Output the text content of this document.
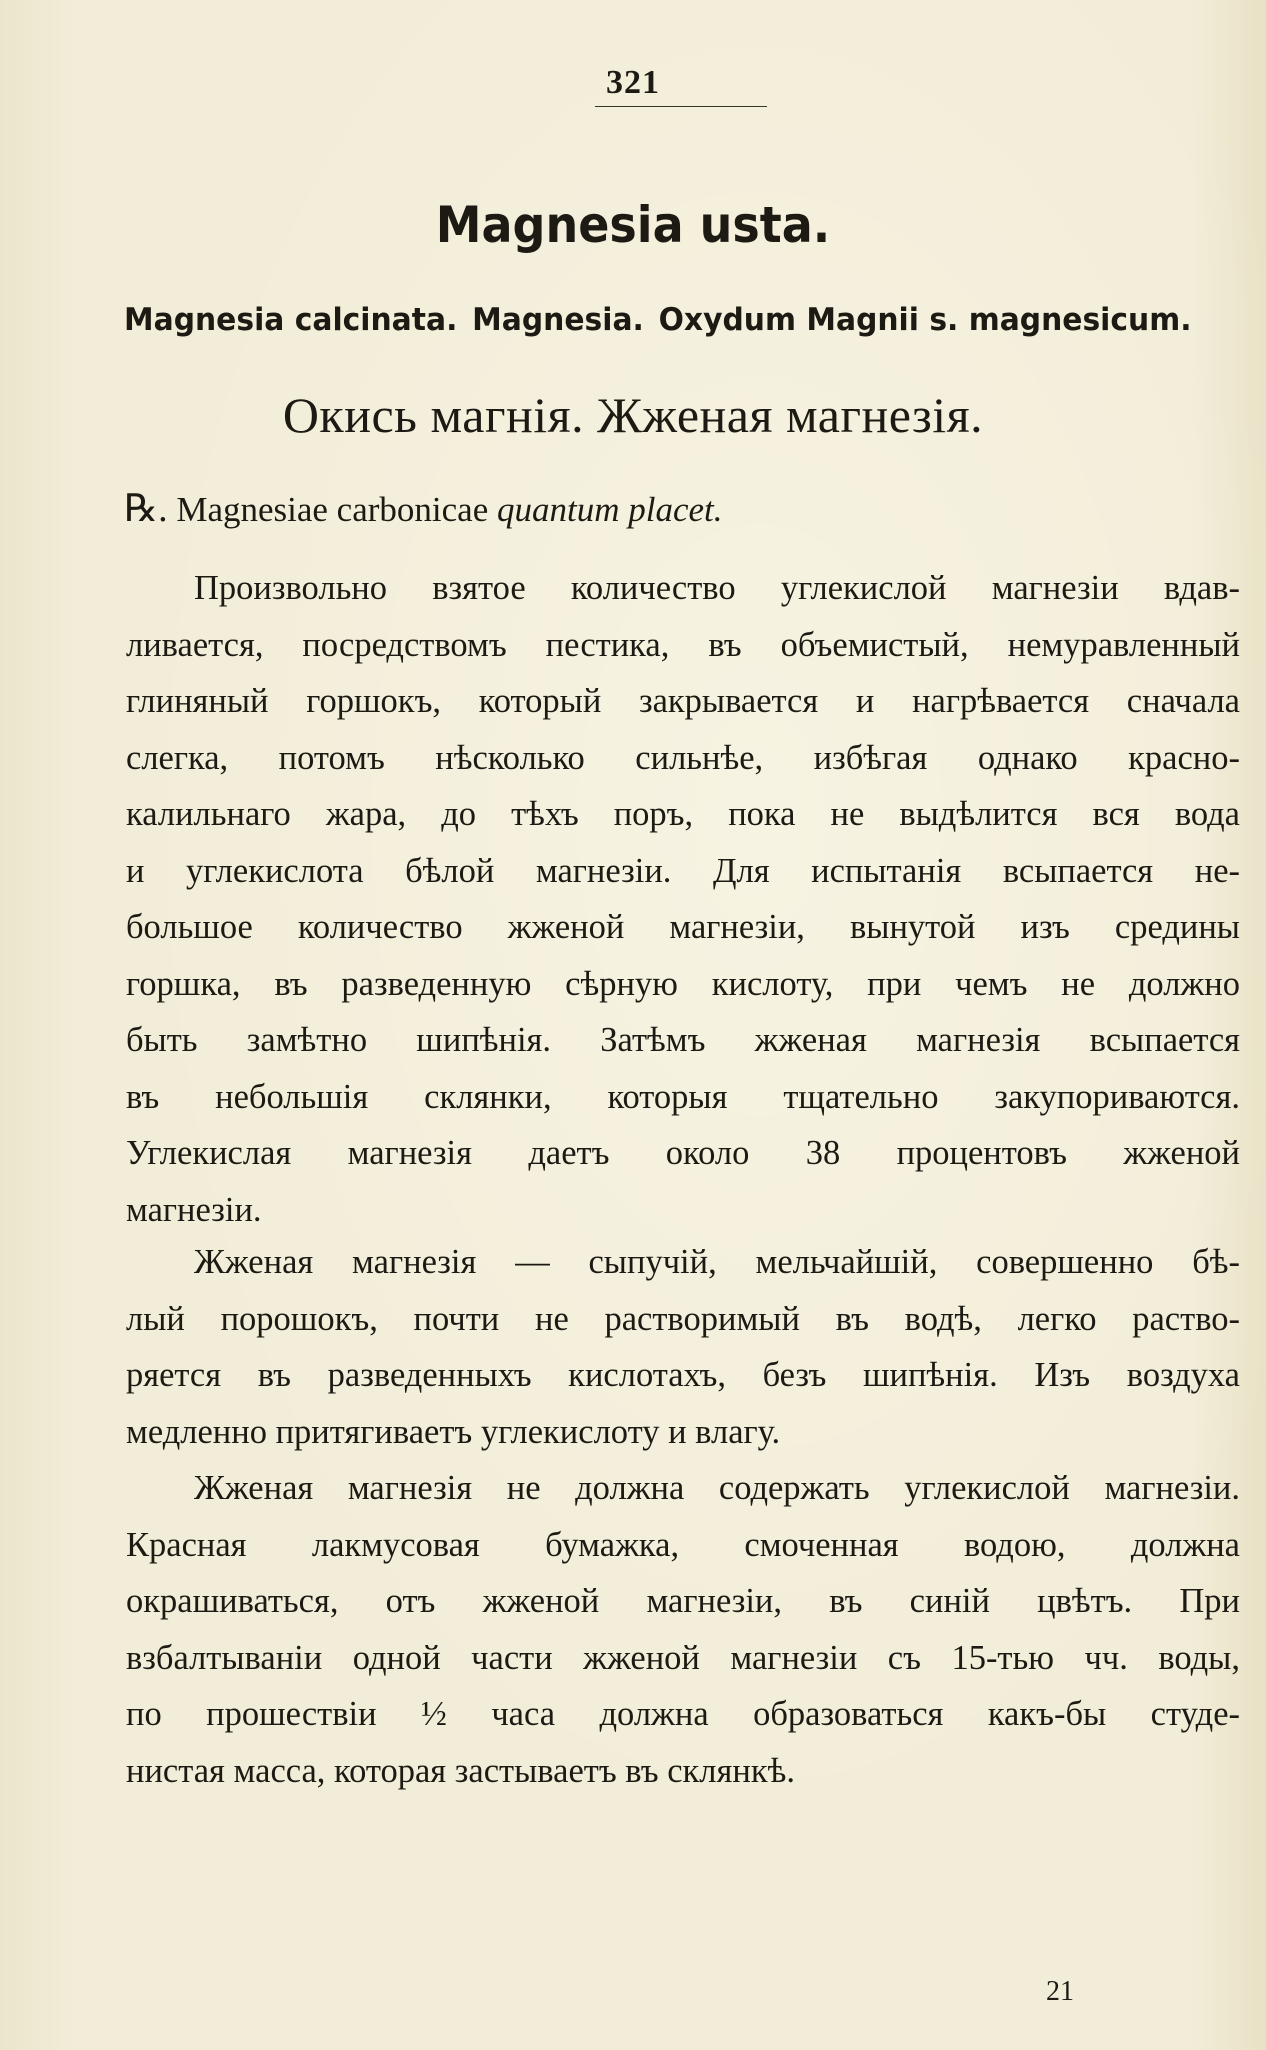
321
Magnesia usta.
Magnesia calcinata. Magnesia. Oxydum Magnii s. magnesicum.
Окись магнія. Жженая магнезія.
℞. Magnesiae carbonicae quantum placet.
Произвольно взятое количество углекислой магнезіи вдав-
ливается, посредствомъ пестика, въ объемистый, немуравленный
глиняный горшокъ, который закрывается и нагрѣвается сначала
слегка, потомъ нѣсколько сильнѣе, избѣгая однако красно-
калильнаго жара, до тѣхъ поръ, пока не выдѣлится вся вода
и углекислота бѣлой магнезіи. Для испытанія всыпается не-
большое количество жженой магнезіи, вынутой изъ средины
горшка, въ разведенную сѣрную кислоту, при чемъ не должно
быть замѣтно шипѣнія. Затѣмъ жженая магнезія всыпается
въ небольшія склянки, которыя тщательно закупориваются.
Углекислая магнезія даетъ около 38 процентовъ жженой
магнезіи.
Жженая магнезія — сыпучій, мельчайшій, совершенно бѣ-
лый порошокъ, почти не растворимый въ водѣ, легко раство-
ряется въ разведенныхъ кислотахъ, безъ шипѣнія. Изъ воздуха
медленно притягиваетъ углекислоту и влагу.
Жженая магнезія не должна содержать углекислой магнезіи.
Красная лакмусовая бумажка, смоченная водою, должна
окрашиваться, отъ жженой магнезіи, въ синій цвѣтъ. При
взбалтываніи одной части жженой магнезіи съ 15-тью чч. воды,
по прошествіи ½ часа должна образоваться какъ-бы студе-
нистая масса, которая застываетъ въ склянкѣ.
21
